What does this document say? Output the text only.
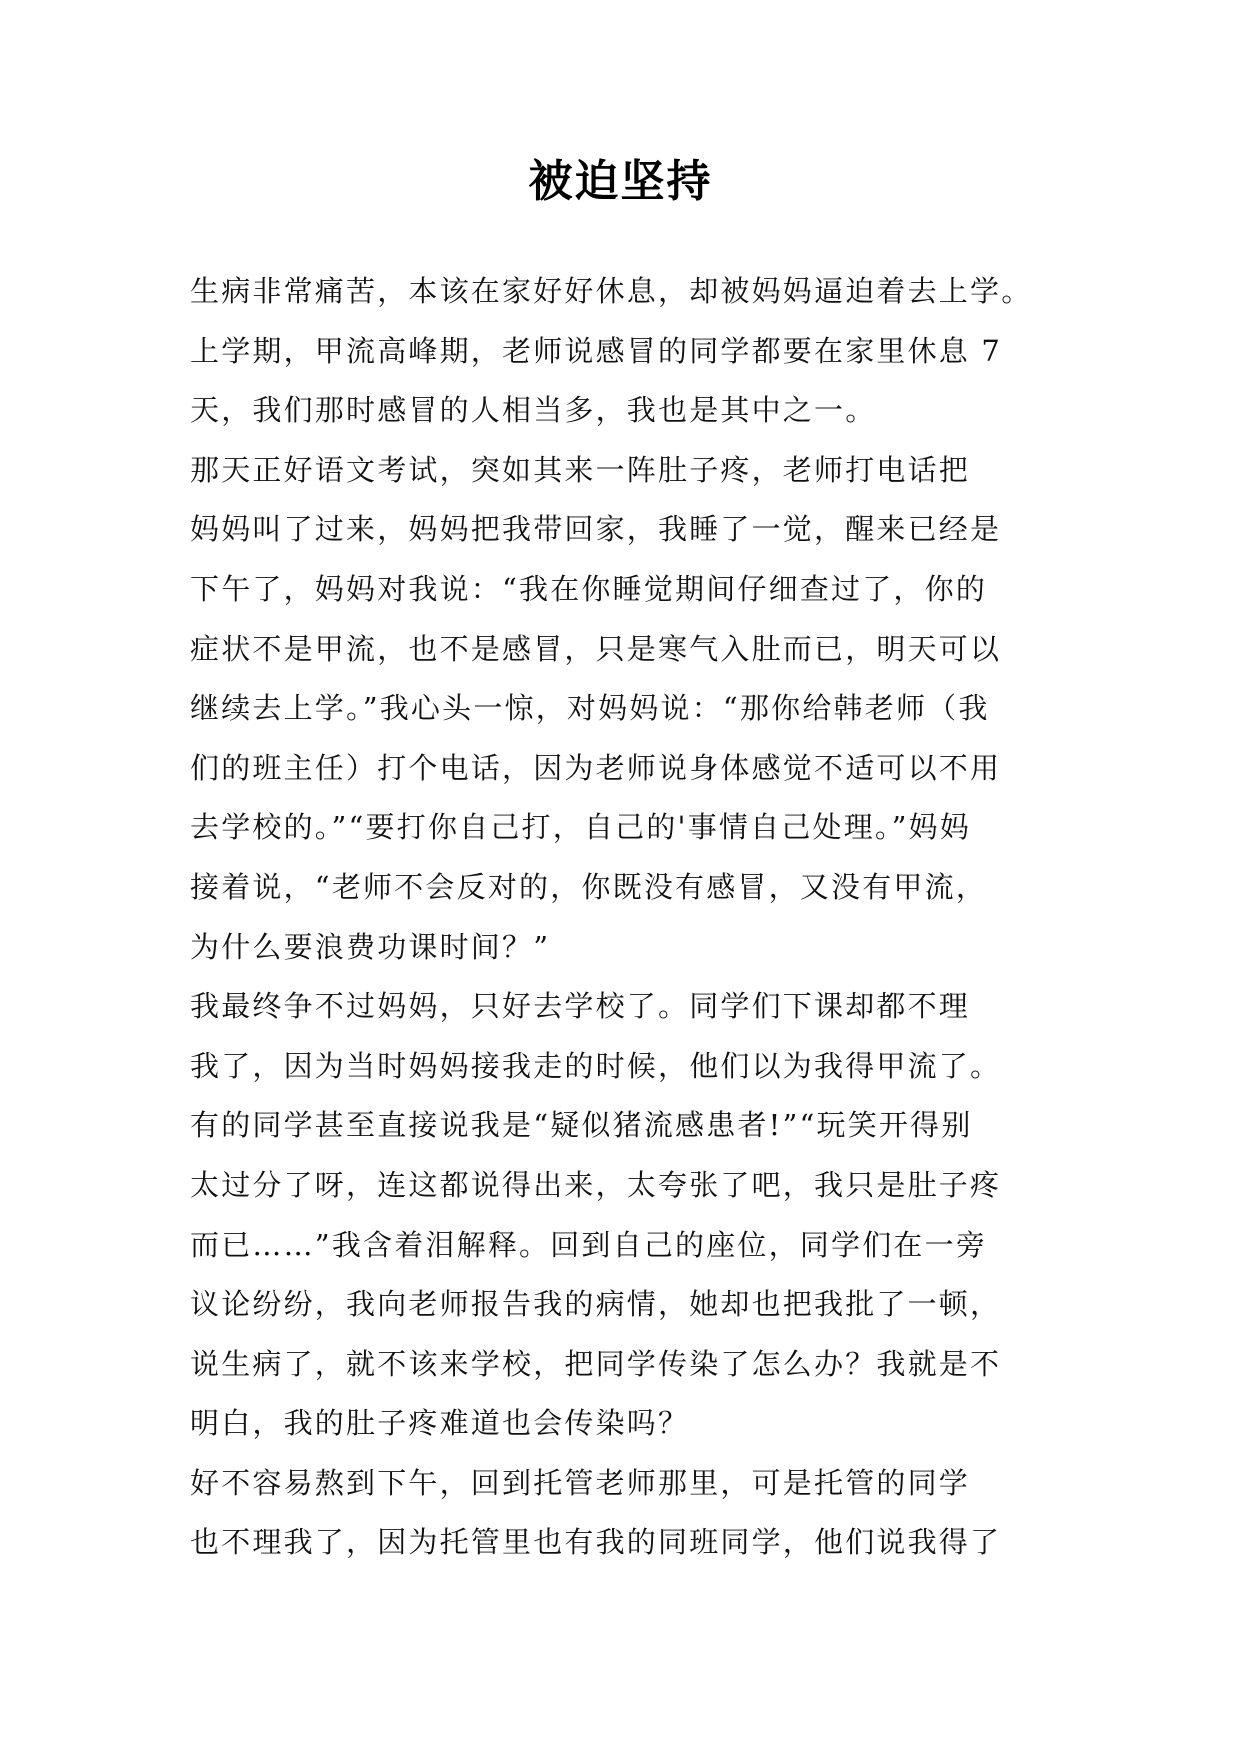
被迫坚持
生病非常痛苦，本该在家好好休息，却被妈妈逼迫着去上学。
上学期，甲流高峰期，老师说感冒的同学都要在家里休息 7
天，我们那时感冒的人相当多，我也是其中之一。
那天正好语文考试，突如其来一阵肚子疼，老师打电话把
妈妈叫了过来，妈妈把我带回家，我睡了一觉，醒来已经是
下午了，妈妈对我说：“我在你睡觉期间仔细查过了，你的
症状不是甲流，也不是感冒，只是寒气入肚而已，明天可以
继续去上学。”我心头一惊，对妈妈说：“那你给韩老师（我
们的班主任）打个电话，因为老师说身体感觉不适可以不用
去学校的。”“要打你自己打，自己的'事情自己处理。”妈妈
接着说，“老师不会反对的，你既没有感冒，又没有甲流，
为什么要浪费功课时间？”
我最终争不过妈妈，只好去学校了。同学们下课却都不理
我了，因为当时妈妈接我走的时候，他们以为我得甲流了。
有的同学甚至直接说我是“疑似猪流感患者!”“玩笑开得别
太过分了呀，连这都说得出来，太夸张了吧，我只是肚子疼
而已……”我含着泪解释。回到自己的座位，同学们在一旁
议论纷纷，我向老师报告我的病情，她却也把我批了一顿，
说生病了，就不该来学校，把同学传染了怎么办？我就是不
明白，我的肚子疼难道也会传染吗？
好不容易熬到下午，回到托管老师那里，可是托管的同学
也不理我了，因为托管里也有我的同班同学，他们说我得了
